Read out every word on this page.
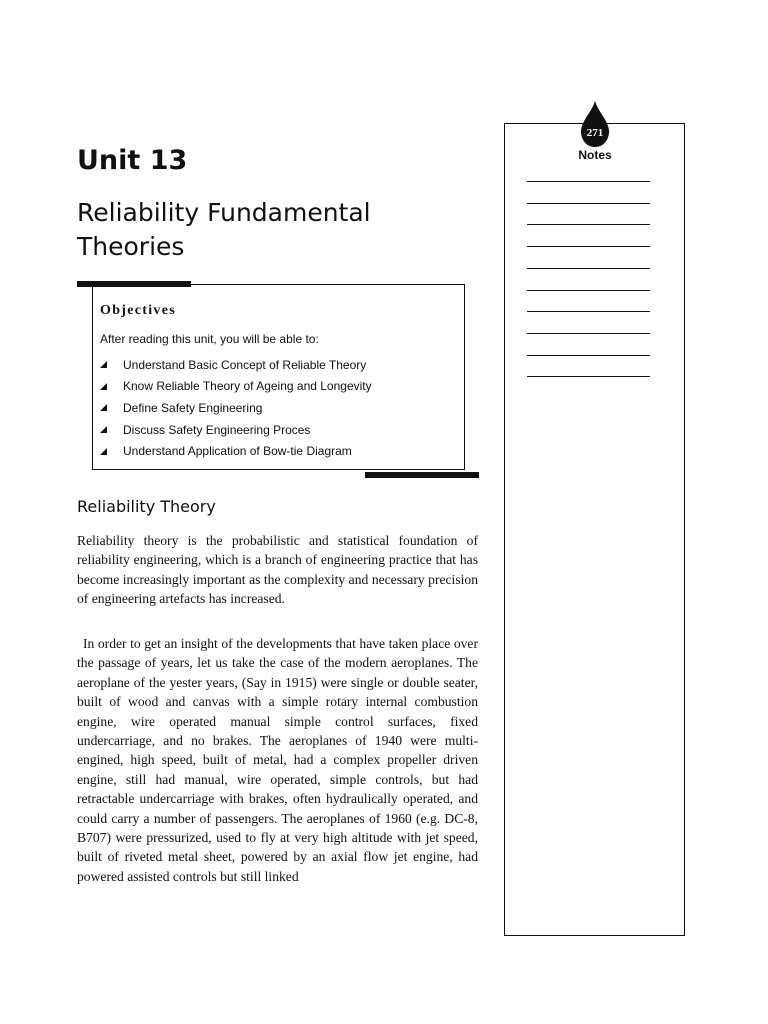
Unit 13
Reliability Fundamental Theories
Objectives
After reading this unit, you will be able to:
Understand Basic Concept of Reliable Theory
Know Reliable Theory of Ageing and Longevity
Define Safety Engineering
Discuss Safety Engineering Proces
Understand Application of Bow-tie Diagram
Reliability Theory

Reliability theory is the probabilistic and statistical foundation of reliability engineering, which is a branch of engineering practice that has become increasingly important as the complexity and necessary precision of engineering artefacts has increased.

In order to get an insight of the developments that have taken place over the passage of years, let us take the case of the modern aeroplanes. The aeroplane of the yester years, (Say in 1915) were single or double seater, built of wood and canvas with a simple rotary internal combustion engine, wire operated manual simple control surfaces, fixed undercarriage, and no brakes. The aeroplanes of 1940 were multi-engined, high speed, built of metal, had a complex propeller driven engine, still had manual, wire operated, simple controls, but had retractable undercarriage with brakes, often hydraulically operated, and could carry a number of passengers. The aeroplanes of 1960 (e.g. DC-8, B707) were pressurized, used to fly at very high altitude with jet speed, built of riveted metal sheet, powered by an axial flow jet engine, had powered assisted controls but still linked

271
Notes
